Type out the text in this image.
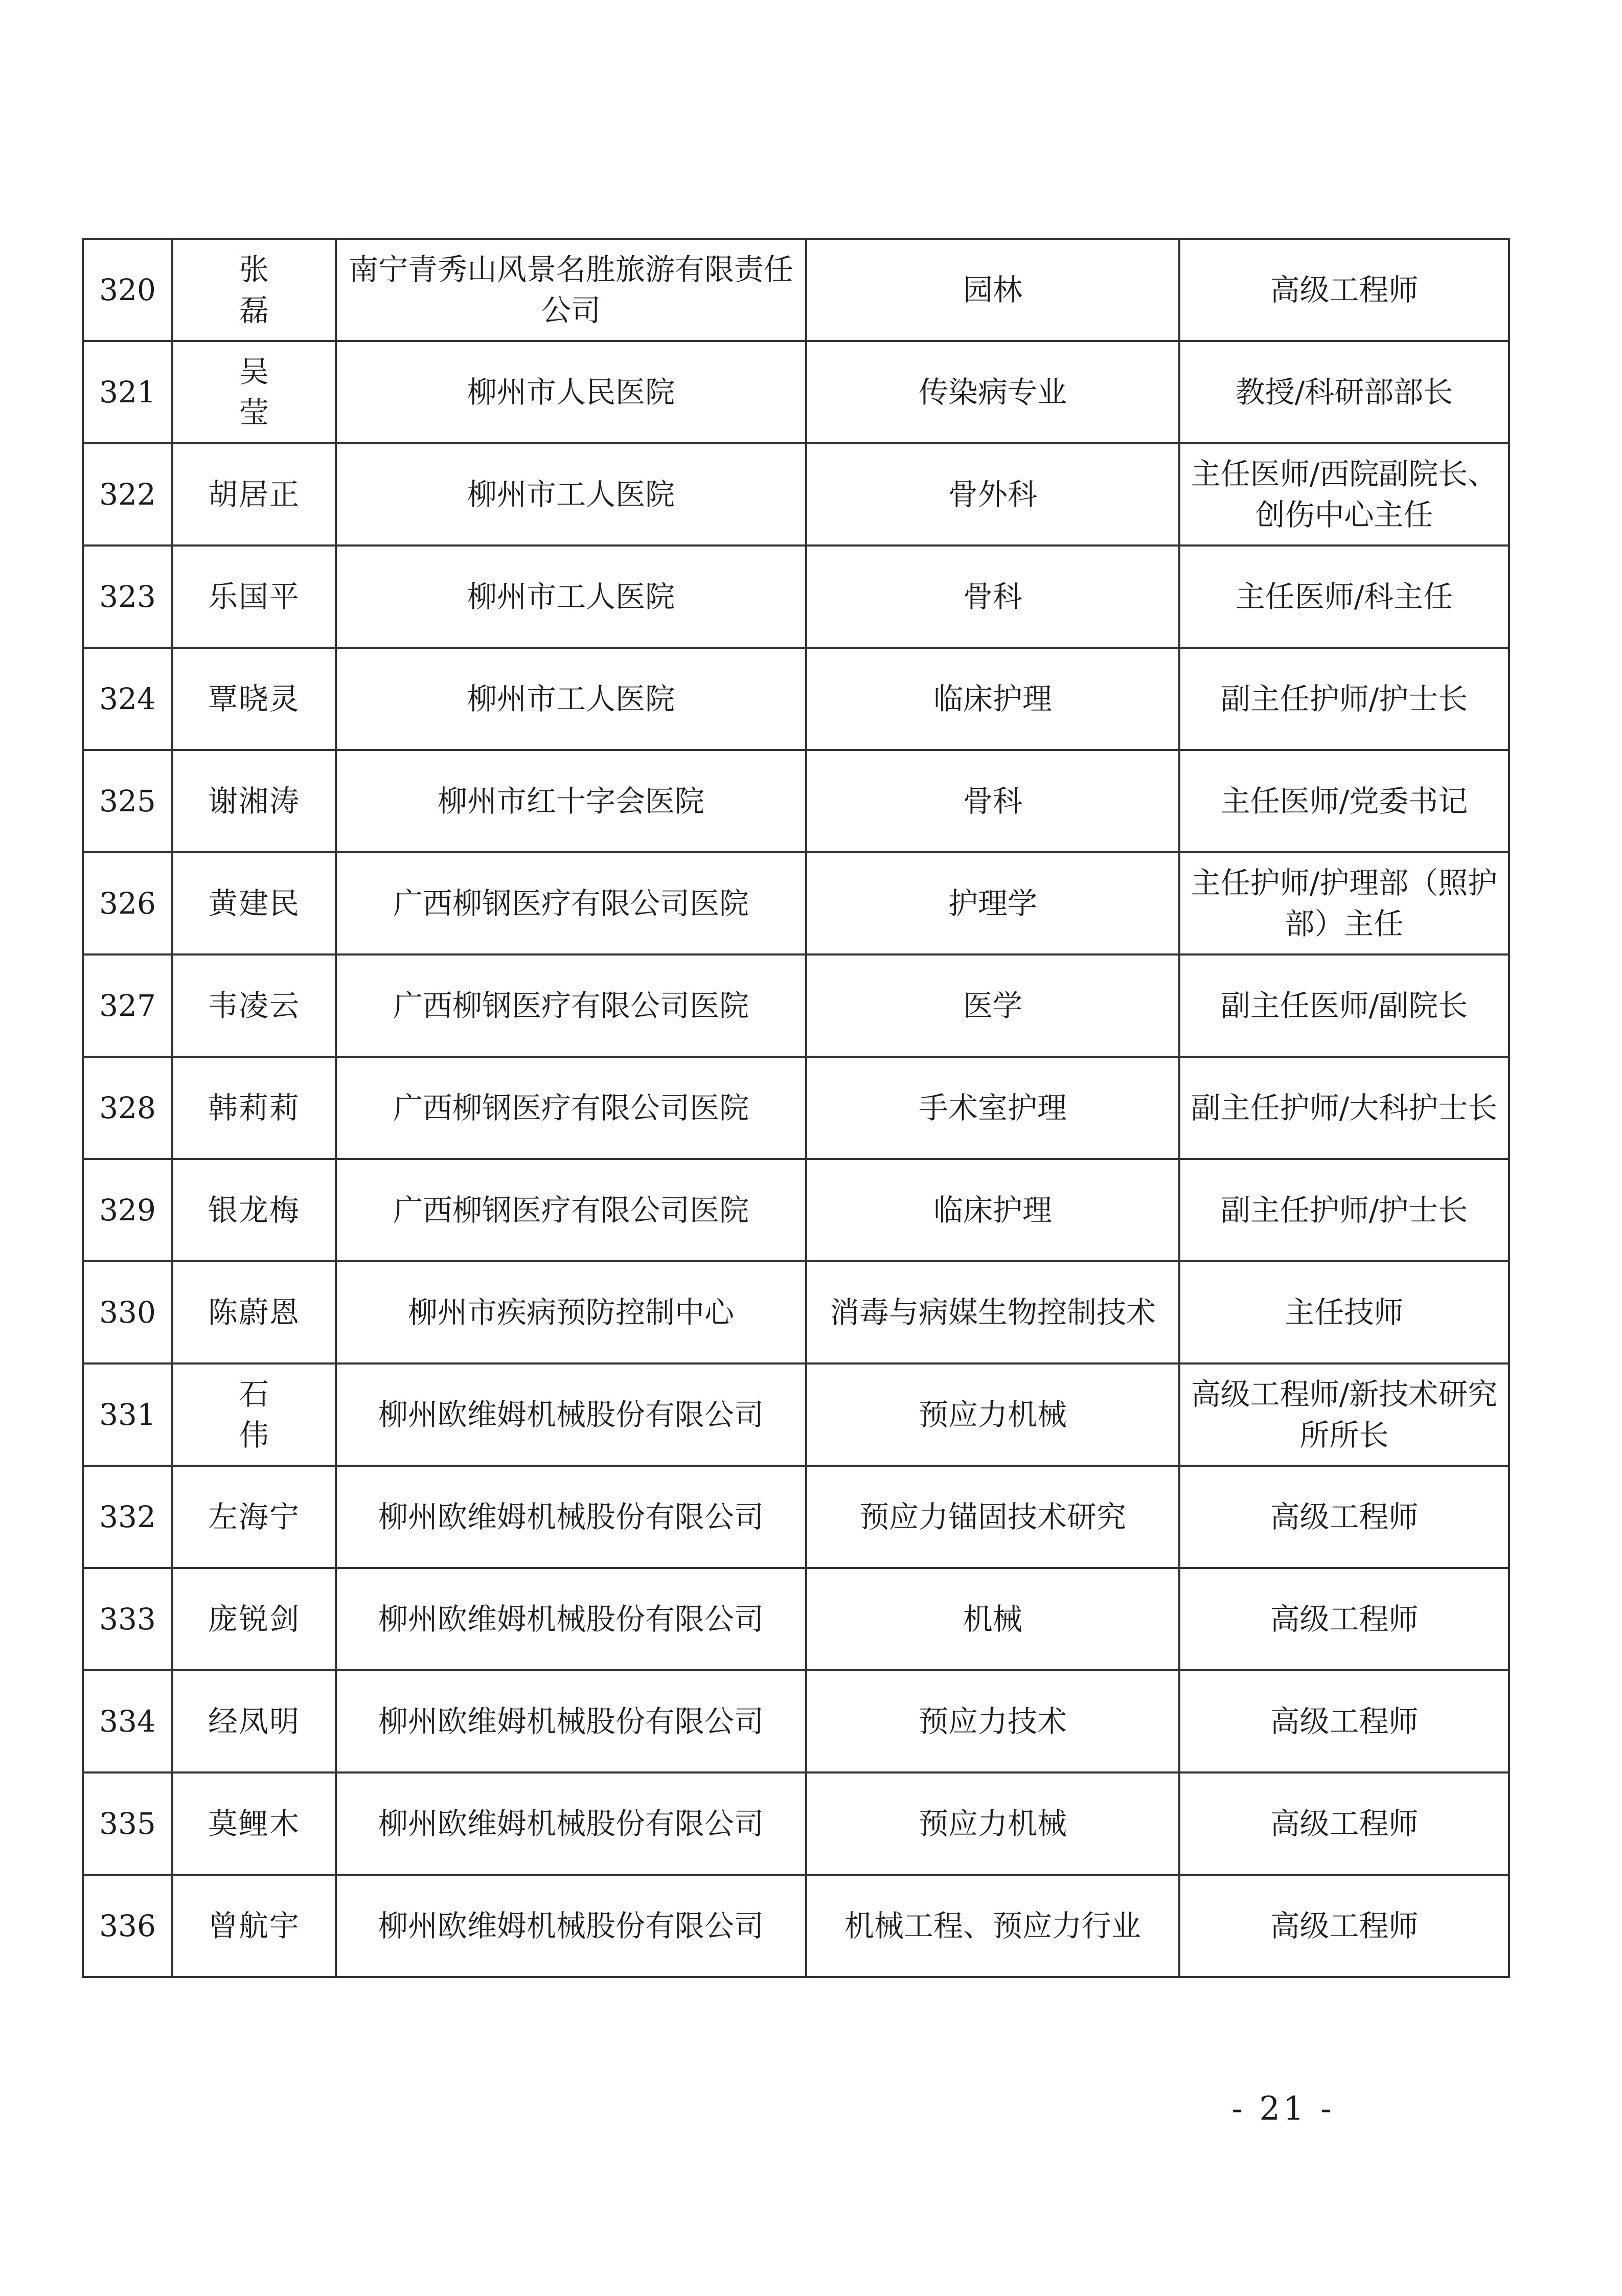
320	张 磊	南宁青秀山风景名胜旅游有限责任公司	园林	高级工程师
321	吴 莹	柳州市人民医院	传染病专业	教授/科研部部长
322	胡居正	柳州市工人医院	骨外科	主任医师/西院副院长、创伤中心主任
323	乐国平	柳州市工人医院	骨科	主任医师/科主任
324	覃晓灵	柳州市工人医院	临床护理	副主任护师/护士长
325	谢湘涛	柳州市红十字会医院	骨科	主任医师/党委书记
326	黄建民	广西柳钢医疗有限公司医院	护理学	主任护师/护理部（照护部）主任
327	韦凌云	广西柳钢医疗有限公司医院	医学	副主任医师/副院长
328	韩莉莉	广西柳钢医疗有限公司医院	手术室护理	副主任护师/大科护士长
329	银龙梅	广西柳钢医疗有限公司医院	临床护理	副主任护师/护士长
330	陈蔚恩	柳州市疾病预防控制中心	消毒与病媒生物控制技术	主任技师
331	石 伟	柳州欧维姆机械股份有限公司	预应力机械	高级工程师/新技术研究所所长
332	左海宁	柳州欧维姆机械股份有限公司	预应力锚固技术研究	高级工程师
333	庞锐剑	柳州欧维姆机械股份有限公司	机械	高级工程师
334	经凤明	柳州欧维姆机械股份有限公司	预应力技术	高级工程师
335	莫鲤木	柳州欧维姆机械股份有限公司	预应力机械	高级工程师
336	曾航宇	柳州欧维姆机械股份有限公司	机械工程、预应力行业	高级工程师
- 21 -
